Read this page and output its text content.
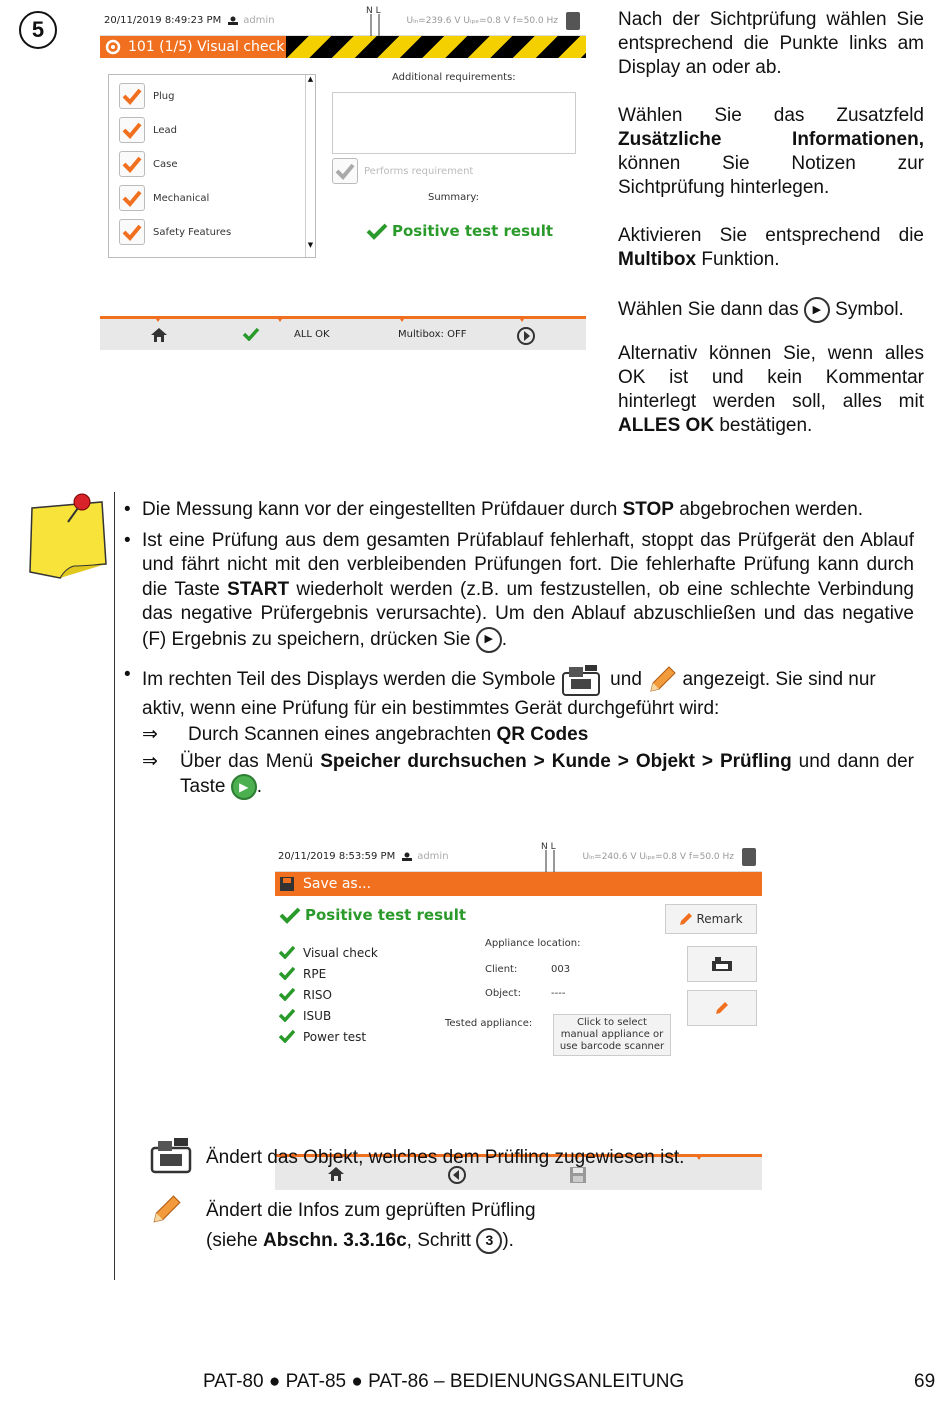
5	20/11/2019 8:49:23 PM admin
N L
Uₗₙ=239.6 V Uᵢₚₑ=0.8 V f=50.0 Hz
101 (1/5) Visual check
Plug
Lead
Case
Mechanical
Safety Features
▲
▼
Additional requirements:
Performs requirement
Summary:
Positive test result
ALL OK	Multibox: OFF

Nach der Sichtprüfung wählen Sie entsprechend die Punkte links am Display an oder ab.

Wählen Sie das Zusatzfeld Zusätzliche Informationen, können Sie Notizen zur Sichtprüfung hinterlegen.

Aktivieren Sie entsprechend die Multibox Funktion.

Wählen Sie dann das ▶ Symbol.

Alternativ können Sie, wenn alles OK ist und kein Kommentar hinterlegt werden soll, alles mit ALLES OK bestätigen.

• Die Messung kann vor der eingestellten Prüfdauer durch STOP abgebrochen werden.
• Ist eine Prüfung aus dem gesamten Prüfablauf fehlerhaft, stoppt das Prüfgerät den Ablauf und fährt nicht mit den verbleibenden Prüfungen fort. Die fehlerhafte Prüfung kann durch die Taste START wiederholt werden (z.B. um festzustellen, ob eine schlechte Verbindung das negative Prüfergebnis verursachte). Um den Ablauf abzuschließen und das negative (F) Ergebnis zu speichern, drücken Sie ▶ .
• Im rechten Teil des Displays werden die Symbole  und  angezeigt. Sie sind nur aktiv, wenn eine Prüfung für ein bestimmtes Gerät durchgeführt wird:
⇒	Durch Scannen eines angebrachten QR Codes
⇒	Über das Menü Speicher durchsuchen > Kunde > Objekt > Prüfling und dann der Taste ▶ .
20/11/2019 8:53:59 PM admin
N L
Uₗₙ=240.6 V Uᵢₚₑ=0.8 V f=50.0 Hz
Save as...
Positive test result	Remark
Visual check
RPE
RISO
ISUB
Power test
Appliance location:
Client:	003
Object:	----
Tested appliance:	Click to select manual appliance or use barcode scanner
Ändert das Objekt, welches dem Prüfling zugewiesen ist.
Ändert die Infos zum geprüften Prüfling
(siehe Abschn. 3.3.16c, Schritt 3 ).
PAT-80 ● PAT-85 ● PAT-86 – BEDIENUNGSANLEITUNG	69
